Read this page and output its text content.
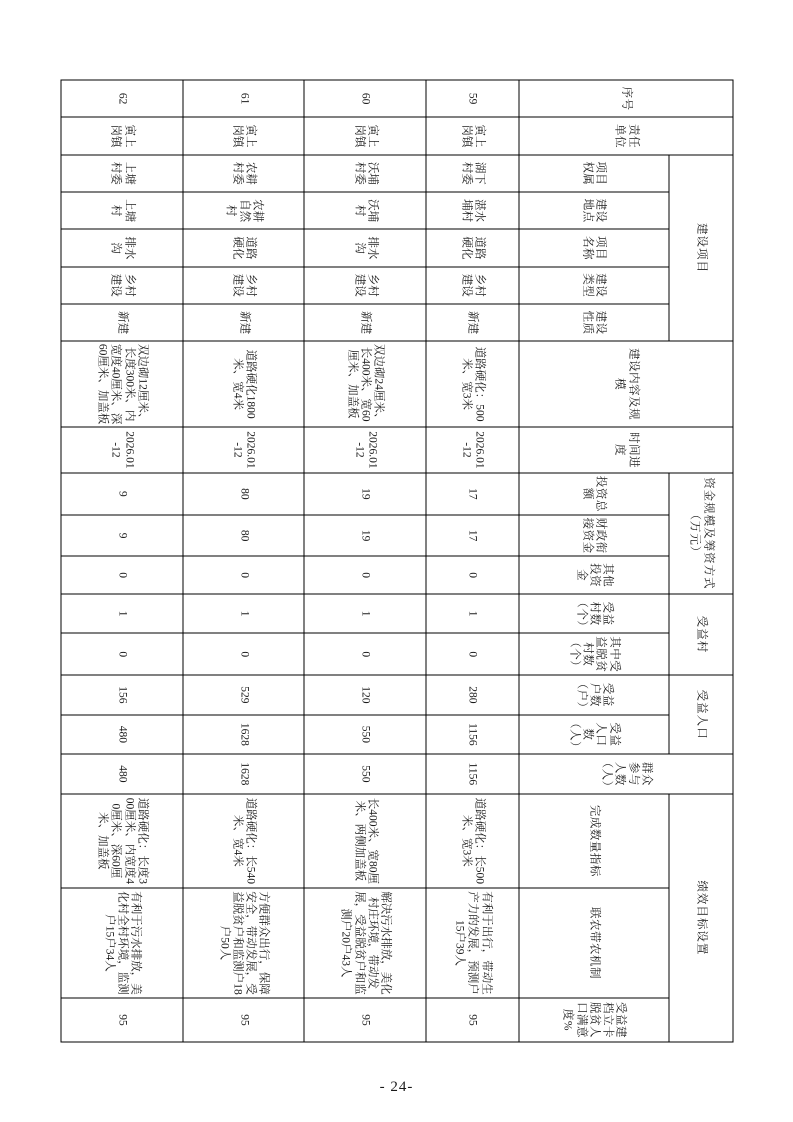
序号	责任单位	建设项目					建设内容及规模	时间进度	资金规模及筹资方式（万元）			受益村		受益人口		群众参与人数（人）	绩效目标设置		
		项目权属	建设地点	项目名称	建设类型	建设性质			投资总额	财政衔接资金	其他投资金	受益村数（个）	其中受益脱贫村数（个）	受益户数（户）	受益人口数（人）		完成数量指标	联农带农机制	受益建档立卡脱贫人口满意度%
59	寅上岗镇	湖下村委	湛水埔村	道路硬化	乡村建设	新建	道路硬化：500米、宽3米	2026.01-12	17	17	0	1	0	280	1156	1156	道路硬化：长500米、宽3米	有利于出行，带动生产力的发展，预测户15户39人	95
60	寅上岗镇	沃埔村委	沃埔村	排水沟	乡村建设	新建	双边砌24厘米、长400米、宽60厘米、加盖板	2026.01-12	19	19	0	1	0	120	550	550	长400米、宽80厘米、两侧加盖板	解决污水排放，美化村庄环境，带动发展，受益脱贫户和监测户20户43人	95
61	寅上岗镇	农耕村委	农耕自然村	道路硬化	乡村建设	新建	道路硬化1800米、宽4米	2026.01-12	80	80	0	1	0	529	1628	1628	道路硬化：长540米、宽4米	方便群众出行，保障安全，带动发展，受益脱贫户和监测户18户50人	95
62	寅上岗镇	上塘村委	上塘村	排水沟	乡村建设	新建	双边砌12厘米、长度300米、内宽度40厘米、深60厘米、加盖板	2026.01-12	9	9	0	1	0	156	480	480	道路硬化：长度300厘米、内宽度40厘米、深60厘米、加盖板	有利于污水排放，美化村全村环境，监测户15户34人	95
- 24-
